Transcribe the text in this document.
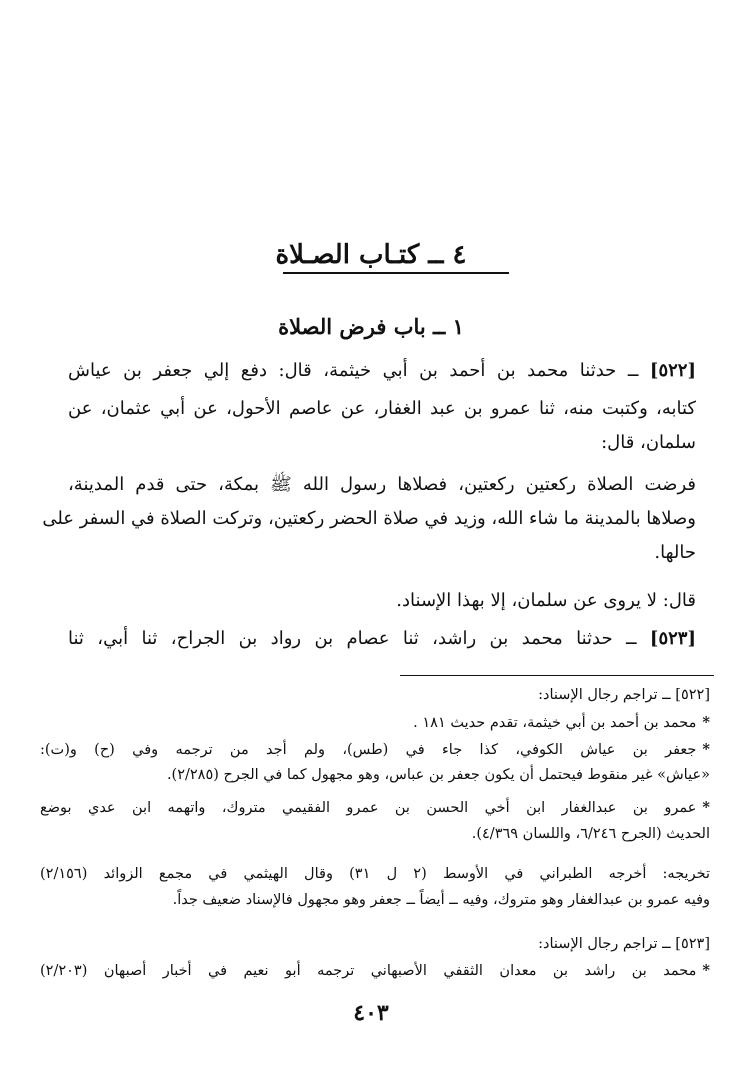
٤ ــ كتـاب الصـلاة
١ ــ باب فرض الصلاة
[٥٢٢] ــ حدثنا محمد بن أحمد بن أبي خيثمة، قال: دفع إلي جعفر بن عياش
كتابه، وكتبت منه، ثنا عمرو بن عبد الغفار، عن عاصم الأحول، عن أبي عثمان، عن
سلمان، قال:
فرضت الصلاة ركعتين ركعتين، فصلاها رسول الله ﷺ بمكة، حتى قدم المدينة،
وصلاها بالمدينة ما شاء الله، وزيد في صلاة الحضر ركعتين، وتركت الصلاة في السفر على
حالها.
قال: لا يروى عن سلمان، إلا بهذا الإسناد.
[٥٢٣] ــ حدثنا محمد بن راشد، ثنا عصام بن رواد بن الجراح، ثنا أبي، ثنا
[٥٢٢] ــ تراجم رجال الإسناد:
*محمد بن أحمد بن أبي خيثمة، تقدم حديث ١٨١ .
*جعفر بن عياش الكوفي، كذا جاء في (طس)، ولم أجد من ترجمه وفي (ح) و(ت):
«عياش» غير منقوط فيحتمل أن يكون جعفر بن عباس، وهو مجهول كما في الجرح (٢/٢٨٥).
*عمرو بن عبدالغفار ابن أخي الحسن بن عمرو الفقيمي متروك، واتهمه ابن عدي بوضع
الحديث (الجرح ٦/٢٤٦، واللسان ٤/٣٦٩).
تخريجه: أخرجه الطبراني في الأوسط (٢ ل ٣١) وقال الهيثمي في مجمع الزوائد (٢/١٥٦)
وفيه عمرو بن عبدالغفار وهو متروك، وفيه ــ أيضاً ــ جعفر وهو مجهول فالإسناد ضعيف جداً.
[٥٢٣] ــ تراجم رجال الإسناد:
*محمد بن راشد بن معدان الثقفي الأصبهاني ترجمه أبو نعيم في أخبار أصبهان (٢/٢٠٣)
٤٠٣
